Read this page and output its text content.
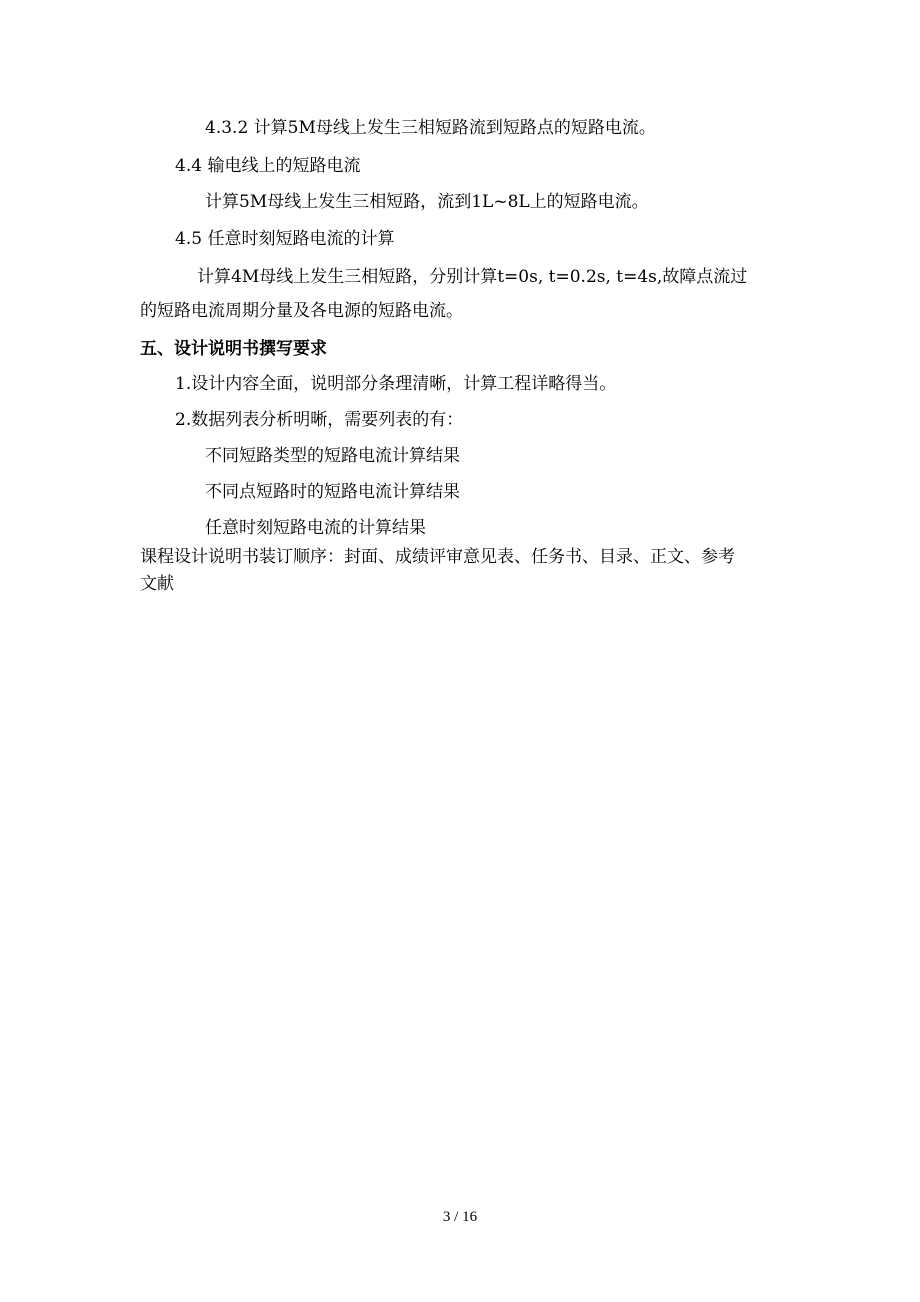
4.3.2 计算5M母线上发生三相短路流到短路点的短路电流。
4.4 输电线上的短路电流
计算5M母线上发生三相短路，流到1L~8L上的短路电流。
4.5 任意时刻短路电流的计算
计算4M母线上发生三相短路，分别计算t=0s, t=0.2s, t=4s,故障点流过
的短路电流周期分量及各电源的短路电流。
五、设计说明书撰写要求
1.设计内容全面，说明部分条理清晰，计算工程详略得当。
2.数据列表分析明晰，需要列表的有：
不同短路类型的短路电流计算结果
不同点短路时的短路电流计算结果
任意时刻短路电流的计算结果
课程设计说明书装订顺序：封面、成绩评审意见表、任务书、目录、正文、参考
文献
3 / 16
